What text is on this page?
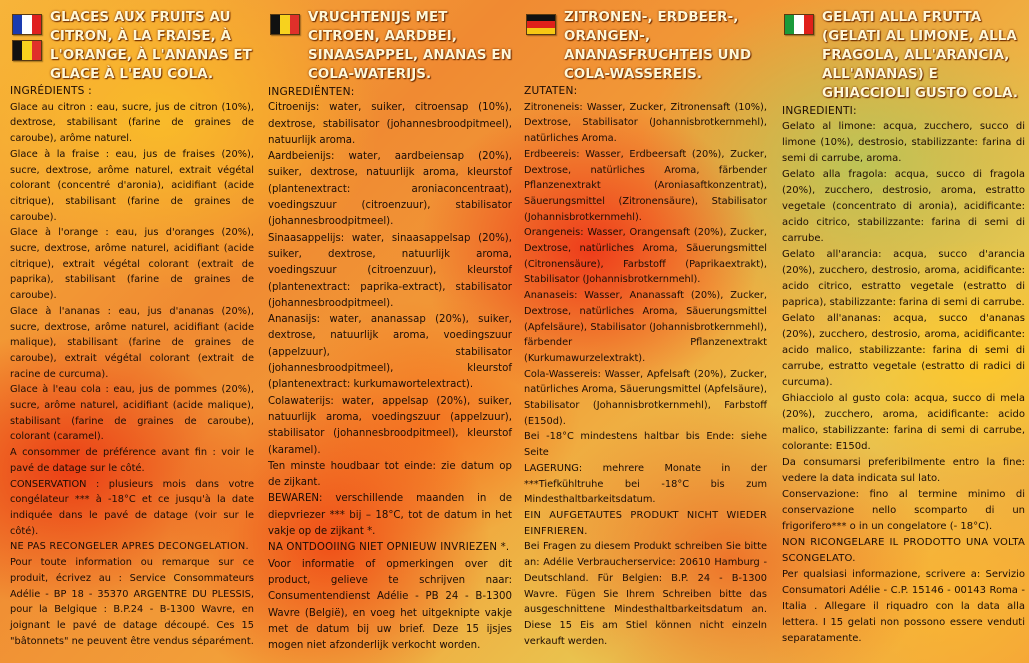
GLACES AUX FRUITS AU CITRON, À LA FRAISE, À L'ORANGE, À L'ANANAS ET GLACE À L'EAU COLA.

INGRÉDIENTS :

Glace au citron : eau, sucre, jus de citron (10%), dextrose, stabilisant (farine de graines de caroube), arôme naturel.

Glace à la fraise : eau, jus de fraises (20%), sucre, dextrose, arôme naturel, extrait végétal colorant (concentré d'aronia), acidifiant (acide citrique), stabilisant (farine de graines de caroube).

Glace à l'orange : eau, jus d'oranges (20%), sucre, dextrose, arôme naturel, acidifiant (acide citrique), extrait végétal colorant (extrait de paprika), stabilisant (farine de graines de caroube).

Glace à l'ananas : eau, jus d'ananas (20%), sucre, dextrose, arôme naturel, acidifiant (acide malique), stabilisant (farine de graines de caroube), extrait végétal colorant (extrait de racine de curcuma).

Glace à l'eau cola : eau, jus de pommes (20%), sucre, arôme naturel, acidifiant (acide malique), stabilisant (farine de graines de caroube), colorant (caramel).

A consommer de préférence avant fin : voir le pavé de datage sur le côté.

CONSERVATION : plusieurs mois dans votre congélateur *** à -18°C et ce jusqu'à la date indiquée dans le pavé de datage (voir sur le côté).

NE PAS RECONGELER APRES DECONGELATION.

Pour toute information ou remarque sur ce produit, écrivez au : Service Consommateurs Adélie - BP 18 - 35370 ARGENTRE DU PLESSIS, pour la Belgique : B.P.24 - B-1300 Wavre, en joignant le pavé de datage découpé. Ces 15 "bâtonnets" ne peuvent être vendus séparément.

VRUCHTENIJS MET CITROEN, AARDBEI, SINAASAPPEL, ANANAS EN COLA-WATERIJS.

INGREDIËNTEN:

Citroenijs: water, suiker, citroensap (10%), dextrose, stabilisator (johannesbroodpitmeel), natuurlijk aroma.

Aardbeienijs: water, aardbeiensap (20%), suiker, dextrose, natuurlijk aroma, kleurstof (plantenextract: aroniaconcentraat), voedingszuur (citroenzuur), stabilisator (johannesbroodpitmeel).

Sinaasappelijs: water, sinaasappelsap (20%), suiker, dextrose, natuurlijk aroma, voedingszuur (citroenzuur), kleurstof (plantenextract: paprika-extract), stabilisator (johannesbroodpitmeel).

Ananasijs: water, ananassap (20%), suiker, dextrose, natuurlijk aroma, voedingszuur (appelzuur), stabilisator (johannesbroodpitmeel), kleurstof (plantenextract: kurkumawortelextract).

Colawaterijs: water, appelsap (20%), suiker, natuurlijk aroma, voedingszuur (appelzuur), stabilisator (johannesbroodpitmeel), kleurstof (karamel).

Ten minste houdbaar tot einde: zie datum op de zijkant.

BEWAREN: verschillende maanden in de diepvriezer *** bij – 18°C, tot de datum in het vakje op de zijkant *.

NA ONTDOOIING NIET OPNIEUW INVRIEZEN *.

Voor informatie of opmerkingen over dit product, gelieve te schrijven naar: Consumentendienst Adélie - PB 24 - B-1300 Wavre (België), en voeg het uitgeknipte vakje met de datum bij uw brief. Deze 15 ijsjes mogen niet afzonderlijk verkocht worden.

ZITRONEN-, ERDBEER-, ORANGEN-, ANANASFRUCHTEIS UND COLA-WASSEREIS.

ZUTATEN:

Zitroneneis: Wasser, Zucker, Zitronensaft (10%), Dextrose, Stabilisator (Johannisbrotkernmehl), natürliches Aroma.

Erdbeereis: Wasser, Erdbeersaft (20%), Zucker, Dextrose, natürliches Aroma, färbender Pflanzenextrakt (Aroniasaftkonzentrat), Säuerungsmittel (Zitronensäure), Stabilisator (Johannisbrotkernmehl).

Orangeneis: Wasser, Orangensaft (20%), Zucker, Dextrose, natürliches Aroma, Säuerungsmittel (Citronensäure), Farbstoff (Paprikaextrakt), Stabilisator (Johannisbrotkernmehl).

Ananaseis: Wasser, Ananassaft (20%), Zucker, Dextrose, natürliches Aroma, Säuerungsmittel (Apfelsäure), Stabilisator (Johannisbrotkernmehl), färbender Pflanzenextrakt (Kurkumawurzelextrakt).

Cola-Wassereis: Wasser, Apfelsaft (20%), Zucker, natürliches Aroma, Säuerungsmittel (Apfelsäure), Stabilisator (Johannisbrotkernmehl), Farbstoff (E150d).

Bei -18°C mindestens haltbar bis Ende: siehe Seite

LAGERUNG: mehrere Monate in der ***Tiefkühltruhe bei -18°C bis zum Mindesthaltbarkeitsdatum.

EIN AUFGETAUTES PRODUKT NICHT WIEDER EINFRIEREN.

Bei Fragen zu diesem Produkt schreiben Sie bitte an: Adélie Verbraucherservice: 20610 Hamburg - Deutschland. Für Belgien: B.P. 24 - B-1300 Wavre. Fügen Sie Ihrem Schreiben bitte das ausgeschnittene Mindesthaltbarkeitsdatum an. Diese 15 Eis am Stiel können nicht einzeln verkauft werden.

GELATI ALLA FRUTTA (GELATI AL LIMONE, ALLA FRAGOLA, ALL'ARANCIA, ALL'ANANAS) E GHIACCIOLI GUSTO COLA.

INGREDIENTI:

Gelato al limone: acqua, zucchero, succo di limone (10%), destrosio, stabilizzante: farina di semi di carrube, aroma.

Gelato alla fragola: acqua, succo di fragola (20%), zucchero, destrosio, aroma, estratto vegetale (concentrato di aronia), acidificante: acido citrico, stabilizzante: farina di semi di carrube.

Gelato all'arancia: acqua, succo d'arancia (20%), zucchero, destrosio, aroma, acidificante: acido citrico, estratto vegetale (estratto di paprica), stabilizzante: farina di semi di carrube.

Gelato all'ananas: acqua, succo d'ananas (20%), zucchero, destrosio, aroma, acidificante: acido malico, stabilizzante: farina di semi di carrube, estratto vegetale (estratto di radici di curcuma).

Ghiacciolo al gusto cola: acqua, succo di mela (20%), zucchero, aroma, acidificante: acido malico, stabilizzante: farina di semi di carrube, colorante: E150d.

Da consumarsi preferibilmente entro la fine: vedere la data indicata sul lato.

Conservazione: fino al termine minimo di conservazione nello scomparto di un frigorifero*** o in un congelatore (- 18°C).

NON RICONGELARE IL PRODOTTO UNA VOLTA SCONGELATO.

Per qualsiasi informazione, scrivere a: Servizio Consumatori Adélie - C.P. 15146 - 00143 Roma - Italia . Allegare il riquadro con la data alla lettera. I 15 gelati non possono essere venduti separatamente.
